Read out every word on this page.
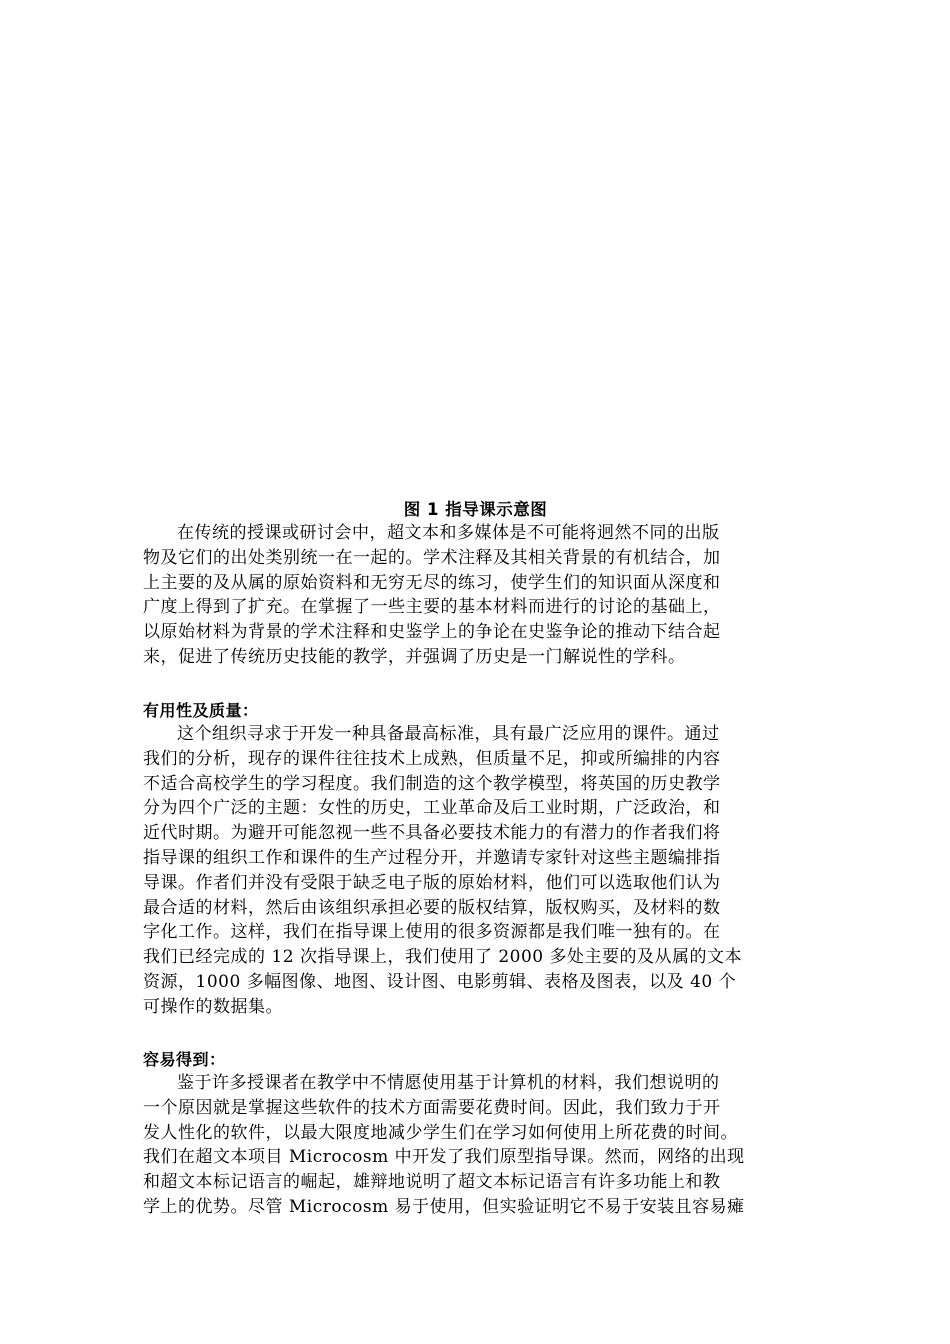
图 1 指导课示意图
在传统的授课或研讨会中，超文本和多媒体是不可能将迥然不同的出版
物及它们的出处类别统一在一起的。学术注释及其相关背景的有机结合，加
上主要的及从属的原始资料和无穷无尽的练习，使学生们的知识面从深度和
广度上得到了扩充。在掌握了一些主要的基本材料而进行的讨论的基础上，
以原始材料为背景的学术注释和史鉴学上的争论在史鉴争论的推动下结合起
来，促进了传统历史技能的教学，并强调了历史是一门解说性的学科。
有用性及质量：
这个组织寻求于开发一种具备最高标准，具有最广泛应用的课件。通过
我们的分析，现存的课件往往技术上成熟，但质量不足，抑或所编排的内容
不适合高校学生的学习程度。我们制造的这个教学模型，将英国的历史教学
分为四个广泛的主题：女性的历史，工业革命及后工业时期，广泛政治，和
近代时期。为避开可能忽视一些不具备必要技术能力的有潜力的作者我们将
指导课的组织工作和课件的生产过程分开，并邀请专家针对这些主题编排指
导课。作者们并没有受限于缺乏电子版的原始材料，他们可以选取他们认为
最合适的材料，然后由该组织承担必要的版权结算，版权购买，及材料的数
字化工作。这样，我们在指导课上使用的很多资源都是我们唯一独有的。在
我们已经完成的 12 次指导课上，我们使用了 2000 多处主要的及从属的文本
资源，1000 多幅图像、地图、设计图、电影剪辑、表格及图表，以及 40 个
可操作的数据集。
容易得到：
鉴于许多授课者在教学中不情愿使用基于计算机的材料，我们想说明的
一个原因就是掌握这些软件的技术方面需要花费时间。因此，我们致力于开
发人性化的软件，以最大限度地减少学生们在学习如何使用上所花费的时间。
我们在超文本项目 Microcosm 中开发了我们原型指导课。然而，网络的出现
和超文本标记语言的崛起，雄辩地说明了超文本标记语言有许多功能上和教
学上的优势。尽管 Microcosm 易于使用，但实验证明它不易于安装且容易瘫
